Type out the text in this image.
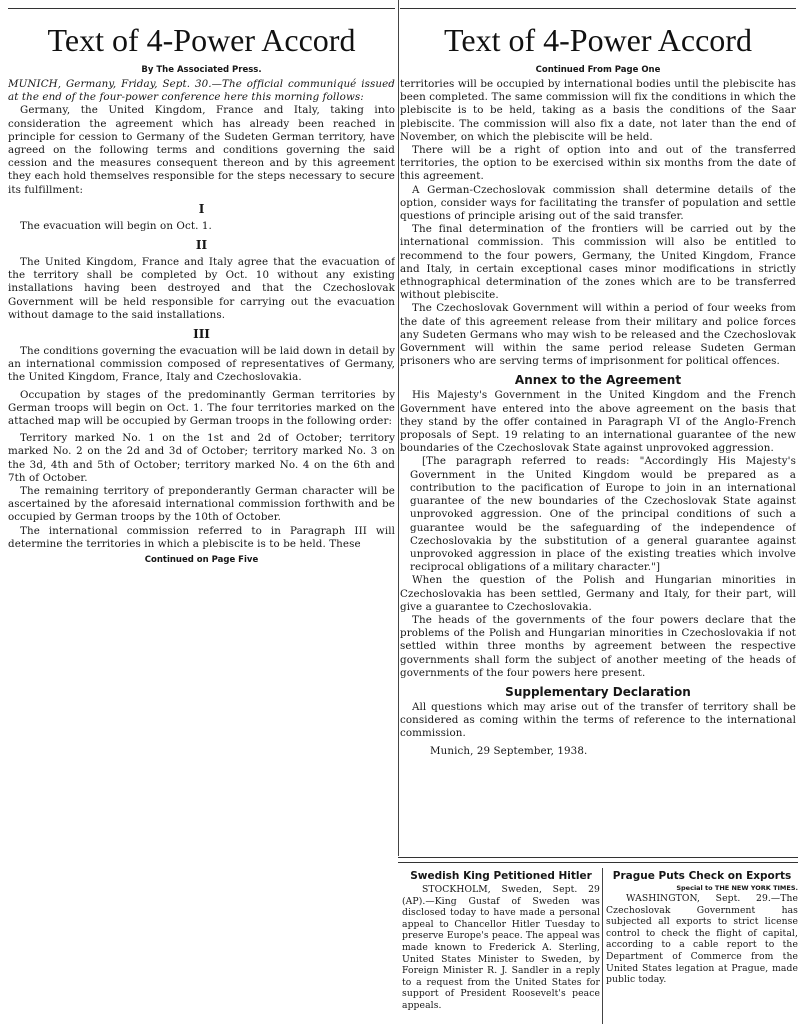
Text of 4-Power Accord
By The Associated Press.

MUNICH, Germany, Friday, Sept. 30.—The official communiqué issued at the end of the four-power conference here this morning follows:

Germany, the United Kingdom, France and Italy, taking into consideration the agreement which has already been reached in principle for cession to Germany of the Sudeten German territory, have agreed on the following terms and conditions governing the said cession and the measures consequent thereon and by this agreement they each hold themselves responsible for the steps necessary to secure its fulfillment:

I

The evacuation will begin on Oct. 1.

II

The United Kingdom, France and Italy agree that the evacuation of the territory shall be completed by Oct. 10 without any existing installations having been destroyed and that the Czechoslovak Government will be held responsible for carrying out the evacuation without damage to the said installations.

III

The conditions governing the evacuation will be laid down in detail by an international commission composed of representatives of Germany, the United Kingdom, France, Italy and Czechoslovakia.

Occupation by stages of the predominantly German territories by German troops will begin on Oct. 1. The four territories marked on the attached map will be occupied by German troops in the following order:

Territory marked No. 1 on the 1st and 2d of October; territory marked No. 2 on the 2d and 3d of October; territory marked No. 3 on the 3d, 4th and 5th of October; territory marked No. 4 on the 6th and 7th of October.

The remaining territory of preponderantly German character will be ascertained by the aforesaid international commission forthwith and be occupied by German troops by the 10th of October.

The international commission referred to in Paragraph III will determine the territories in which a plebiscite is to be held. These

Continued on Page Five
Text of 4-Power Accord
Continued From Page One

territories will be occupied by international bodies until the plebiscite has been completed. The same commission will fix the conditions in which the plebiscite is to be held, taking as a basis the conditions of the Saar plebiscite. The commission will also fix a date, not later than the end of November, on which the plebiscite will be held.

There will be a right of option into and out of the transferred territories, the option to be exercised within six months from the date of this agreement.

A German-Czechoslovak commission shall determine details of the option, consider ways for facilitating the transfer of population and settle questions of principle arising out of the said transfer.

The final determination of the frontiers will be carried out by the international commission. This commission will also be entitled to recommend to the four powers, Germany, the United Kingdom, France and Italy, in certain exceptional cases minor modifications in strictly ethnographical determination of the zones which are to be transferred without plebiscite.

The Czechoslovak Government will within a period of four weeks from the date of this agreement release from their military and police forces any Sudeten Germans who may wish to be released and the Czechoslovak Government will within the same period release Sudeten German prisoners who are serving terms of imprisonment for political offences.

Annex to the Agreement

His Majesty's Government in the United Kingdom and the French Government have entered into the above agreement on the basis that they stand by the offer contained in Paragraph VI of the Anglo-French proposals of Sept. 19 relating to an international guarantee of the new boundaries of the Czechoslovak State against unprovoked aggression.

[The paragraph referred to reads: "Accordingly His Majesty's Government in the United Kingdom would be prepared as a contribution to the pacification of Europe to join in an international guarantee of the new boundaries of the Czechoslovak State against unprovoked aggression. One of the principal conditions of such a guarantee would be the safeguarding of the independence of Czechoslovakia by the substitution of a general guarantee against unprovoked aggression in place of the existing treaties which involve reciprocal obligations of a military character."]

When the question of the Polish and Hungarian minorities in Czechoslovakia has been settled, Germany and Italy, for their part, will give a guarantee to Czechoslovakia.

The heads of the governments of the four powers declare that the problems of the Polish and Hungarian minorities in Czechoslovakia if not settled within three months by agreement between the respective governments shall form the subject of another meeting of the heads of governments of the four powers here present.

Supplementary Declaration

All questions which may arise out of the transfer of territory shall be considered as coming within the terms of reference to the international commission.

Munich, 29 September, 1938.

Swedish King Petitioned Hitler

STOCKHOLM, Sweden, Sept. 29 (AP).—King Gustaf of Sweden was disclosed today to have made a personal appeal to Chancellor Hitler Tuesday to preserve Europe's peace. The appeal was made known to Frederick A. Sterling, United States Minister to Sweden, by Foreign Minister R. J. Sandler in a reply to a request from the United States for support of President Roosevelt's peace appeals.

Prague Puts Check on Exports
Special to THE NEW YORK TIMES.

WASHINGTON, Sept. 29.—The Czechoslovak Government has subjected all exports to strict license control to check the flight of capital, according to a cable report to the Department of Commerce from the United States legation at Prague, made public today.
